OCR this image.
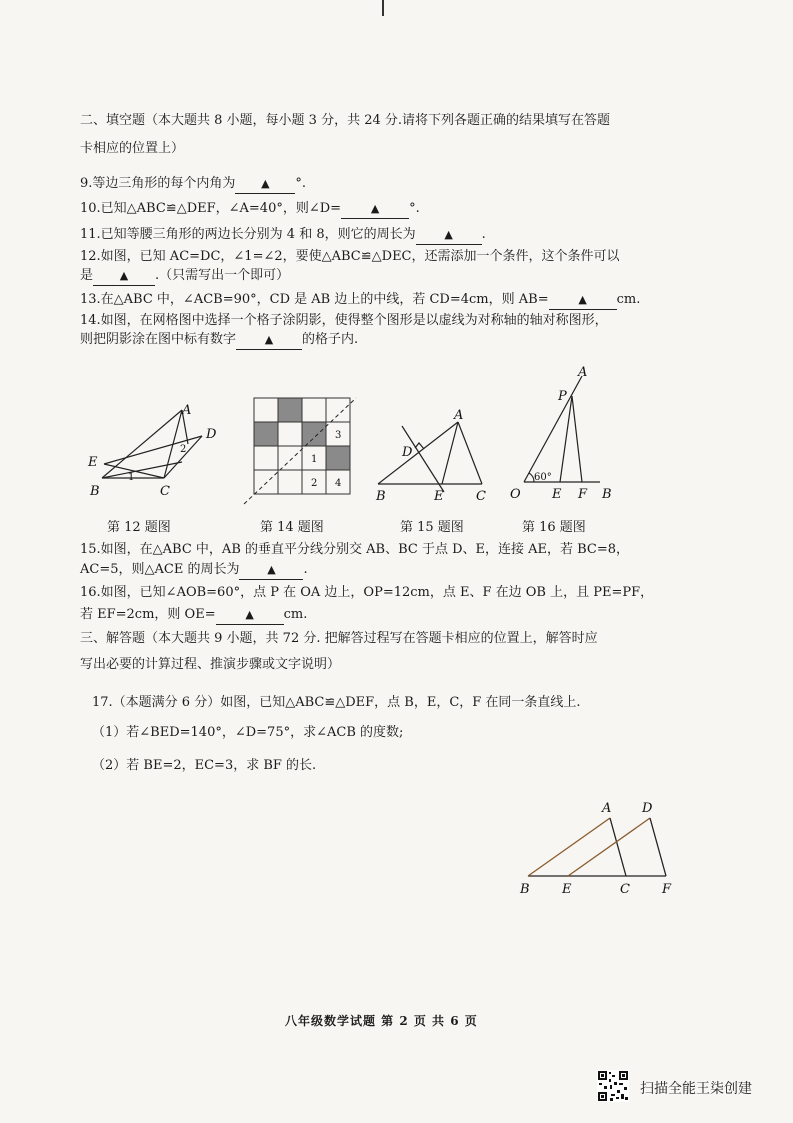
二、填空题（本大题共 8 小题，每小题 3 分，共 24 分.请将下列各题正确的结果填写在答题
卡相应的位置上）
9.等边三角形的每个内角为 ▲ °.
10.已知△ABC≌△DEF，∠A=40°，则∠D=	▲ °.
11.已知等腰三角形的两边长分别为 4 和 8，则它的周长为	▲ .
12.如图，已知 AC=DC，∠1=∠2，要使△ABC≌△DEC，还需添加一个条件，这个条件可以
是 ▲ .（只需写出一个即可）
13.在△ABC 中，∠ACB=90°，CD 是 AB 边上的中线，若 CD=4cm，则 AB=	▲ cm.
14.如图，在网格图中选择一个格子涂阴影，使得整个图形是以虚线为对称轴的轴对称图形，
则把阴影涂在图中标有数字	▲ 的格子内.
A
D
E
B	C
1
2
第 12 题图
1
2
3
4
第 14 题图
A
D
B	E	C
第 15 题图
A
P
60°
O E F B
第 16 题图
15.如图，在△ABC 中，AB 的垂直平分线分别交 AB、BC 于点 D、E，连接 AE，若 BC=8，
AC=5，则△ACE 的周长为	▲ .
16.如图，已知∠AOB=60°，点 P 在 OA 边上，OP=12cm，点 E、F 在边 OB 上，且 PE=PF，
若 EF=2cm，则 OE=	▲ cm.
三、解答题（本大题共 9 小题，共 72 分. 把解答过程写在答题卡相应的位置上，解答时应
写出必要的计算过程、推演步骤或文字说明）
17.（本题满分 6 分）如图，已知△ABC≌△DEF，点 B，E，C，F 在同一条直线上.
（1）若∠BED=140°，∠D=75°，求∠ACB 的度数;
（2）若 BE=2，EC=3，求 BF 的长.
A D
B E	C F
八年级数学试题 第 2 页 共 6 页
扫描全能王柒创建
